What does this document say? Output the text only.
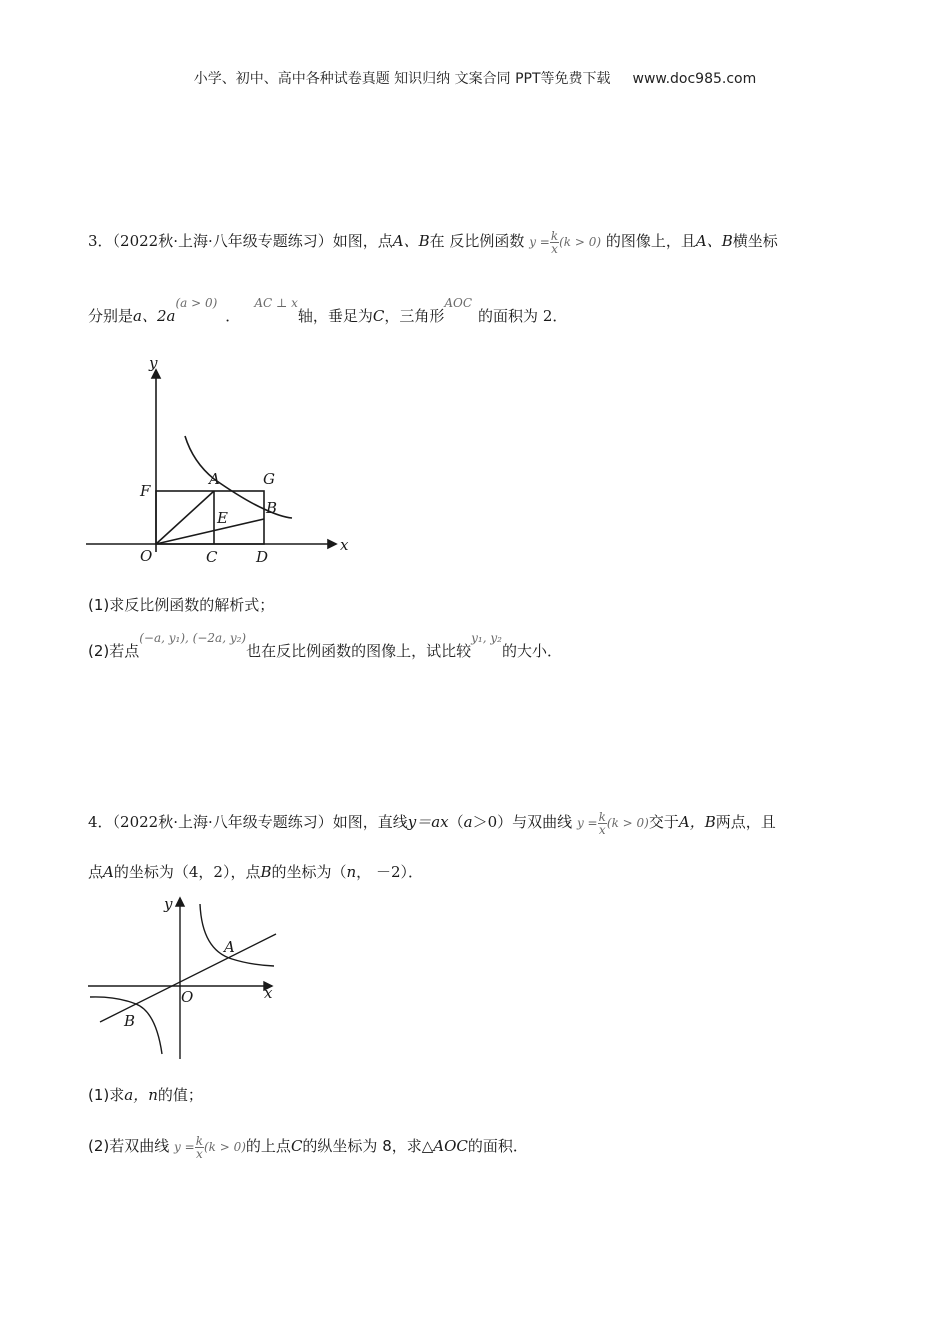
小学、初中、高中各种试卷真题 知识归纳 文案合同 PPT等免费下载 www.doc985.com
3．（2022秋·上海·八年级专题练习）如图，点A、B在 反比例函数 $y = \frac{k}{x} (k > 0)$ 的图像上，且A、B横坐标
分别是a、$2a^{(a > 0)}$．$^{AC \perp x}$轴，垂足为C，三角形$^{AOC}$的面积为 2．
y
x
O
A
B
C	D
E
F
G
(1)求反比例函数的解析式；
(2)若点$^{(-a, y_1), (-2a, y_2)}$也在反比例函数的图像上，试比较$^{y_1, y_2}$的大小．
4．（2022秋·上海·八年级专题练习）如图，直线y＝ax（a＞0）与双曲线 $y = \frac{k}{x} (k > 0)$交于A，B两点，且
点A的坐标为（4，2），点B的坐标为（n， －2）．
y
x
O
A
B
(1)求a，n的值；
(2)若双曲线 $y = \frac{k}{x} (k > 0)$的上点C的纵坐标为 8，求△AOC的面积．
